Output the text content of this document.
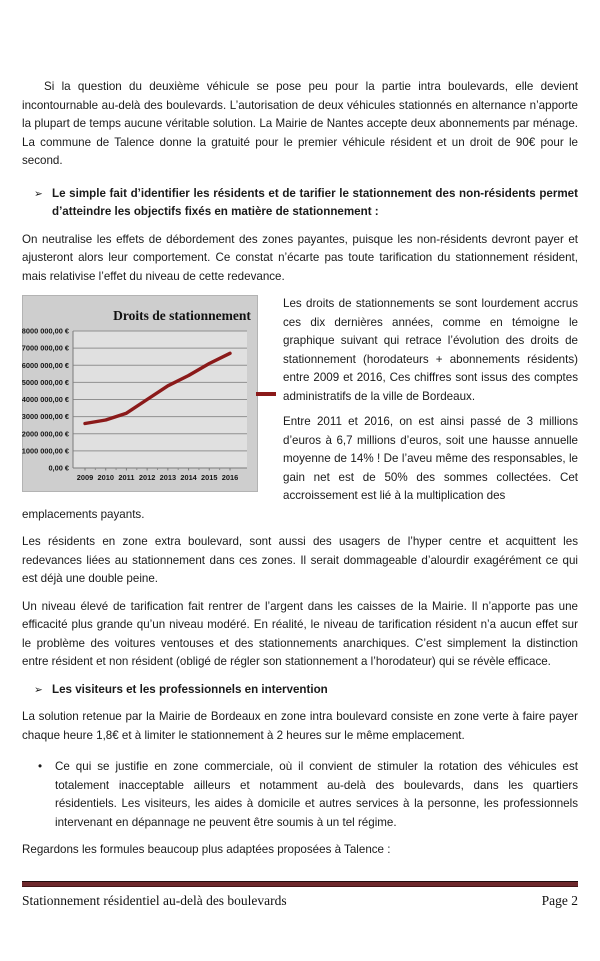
Si la question du deuxième véhicule se pose peu pour la partie intra boulevards, elle devient incontournable au-delà des boulevards. L’autorisation de deux véhicules stationnés en alternance n’apporte la plupart de temps aucune véritable solution. La Mairie de Nantes accepte deux abonnements par ménage. La commune de Talence donne la gratuité pour le premier véhicule résident et un droit de 90€ pour le second.

➢ Le simple fait d’identifier les résidents et de tarifier le stationnement des non-résidents permet d’atteindre les objectifs fixés en matière de stationnement :

On neutralise les effets de débordement des zones payantes, puisque les non-résidents devront payer et ajusteront alors leur comportement. Ce constat n’écarte pas toute tarification du stationnement résident, mais relativise l’effet du niveau de cette redevance.

0,00 €
1000 000,00 €
2000 000,00 €
3000 000,00 €
4000 000,00 €
5000 000,00 €
6000 000,00 €
7000 000,00 €
8000 000,00 €
2009 2010 2011 2012 2013 2014 2015 2016
Droits de stationnement

Les droits de stationnements se sont lourdement accrus ces dix dernières années, comme en témoigne le graphique suivant qui retrace l’évolution des droits de stationnement (horodateurs + abonnements résidents) entre 2009 et 2016, Ces chiffres sont issus des comptes administratifs de la ville de Bordeaux.

Entre 2011 et 2016, on est ainsi passé de 3 millions d’euros à 6,7 millions d’euros, soit une hausse annuelle moyenne de 14% ! De l’aveu même des responsables, le gain net est de 50% des sommes collectées. Cet accroissement est lié à la multiplication des

emplacements payants.

Les résidents en zone extra boulevard, sont aussi des usagers de l’hyper centre et acquittent les redevances liées au stationnement dans ces zones. Il serait dommageable d’alourdir exagérément ce qui est déjà une double peine.

Un niveau élevé de tarification fait rentrer de l’argent dans les caisses de la Mairie. Il n’apporte pas une efficacité plus grande qu’un niveau modéré. En réalité, le niveau de tarification résident n’a aucun effet sur le problème des voitures ventouses et des stationnements anarchiques. C’est simplement la distinction entre résident et non résident (obligé de régler son stationnement a l’horodateur) qui se révèle efficace.

➢ Les visiteurs et les professionnels en intervention

La solution retenue par la Mairie de Bordeaux en zone intra boulevard consiste en zone verte à faire payer chaque heure 1,8€ et à limiter le stationnement à 2 heures sur le même emplacement.

•	Ce qui se justifie en zone commerciale, où il convient de stimuler la rotation des véhicules est totalement inacceptable ailleurs et notamment au-delà des boulevards, dans les quartiers résidentiels. Les visiteurs, les aides à domicile et autres services à la personne, les professionnels intervenant en dépannage ne peuvent être soumis à un tel régime.

Regardons les formules beaucoup plus adaptées proposées à Talence :

Stationnement résidentiel au-delà des boulevards	Page 2
